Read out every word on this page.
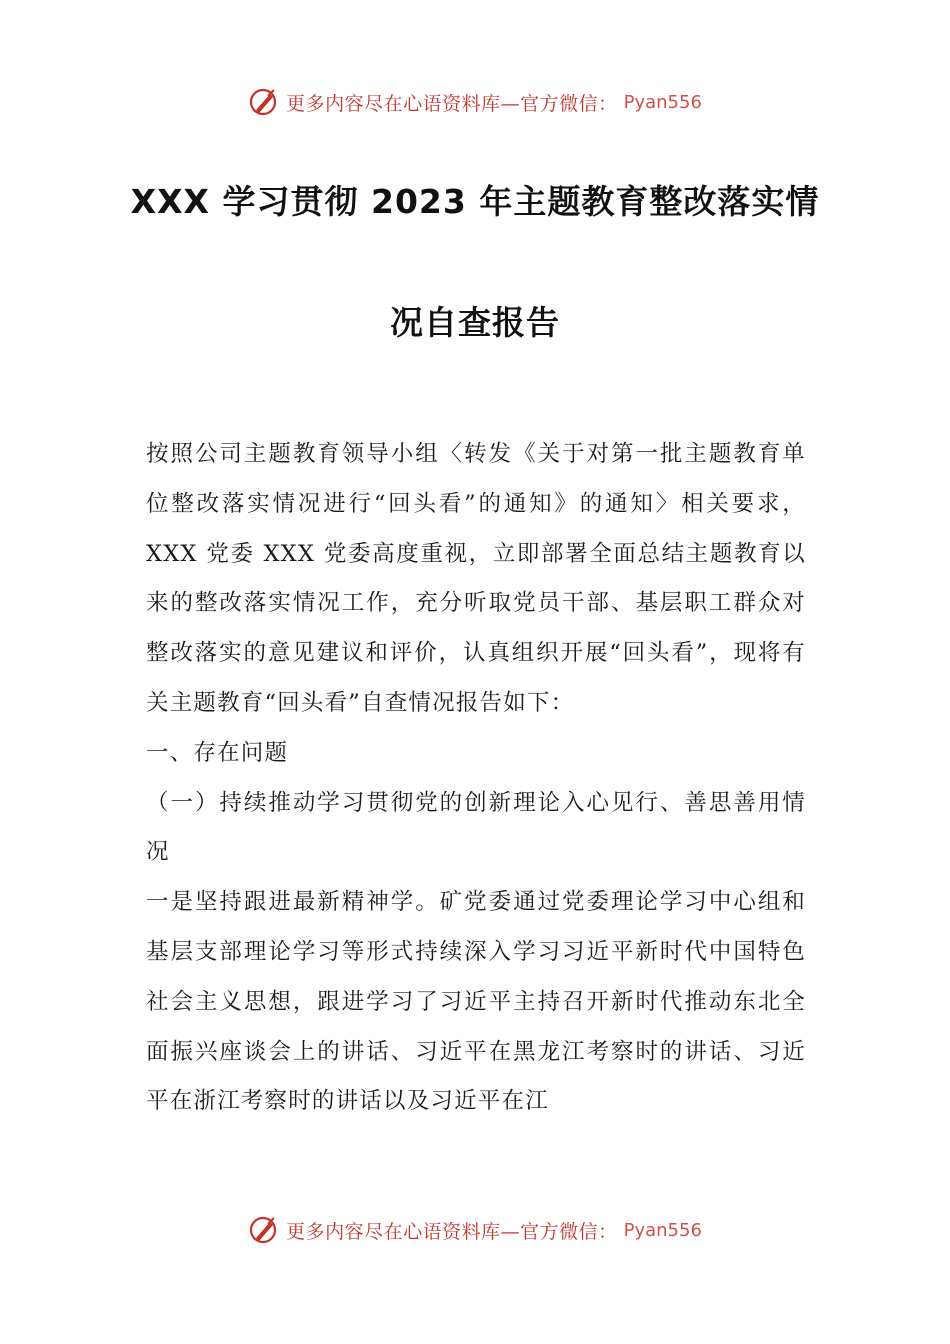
更多内容尽在心语资料库—官方微信： Pyan556
XXX 学习贯彻 2023 年主题教育整改落实情
况自查报告

按照公司主题教育领导小组〈转发《关于对第一批主题教育单位整改落实情况进行“回头看”的通知》的通知〉相关要求，XXX 党委 XXX 党委高度重视，立即部署全面总结主题教育以来的整改落实情况工作，充分听取党员干部、基层职工群众对整改落实的意见建议和评价，认真组织开展“回头看”，现将有关主题教育“回头看”自查情况报告如下：

一、存在问题

（一）持续推动学习贯彻党的创新理论入心见行、善思善用情况

一是坚持跟进最新精神学。矿党委通过党委理论学习中心组和基层支部理论学习等形式持续深入学习习近平新时代中国特色社会主义思想，跟进学习了习近平主持召开新时代推动东北全面振兴座谈会上的讲话、习近平在黑龙江考察时的讲话、习近平在浙江考察时的讲话以及习近平在江

更多内容尽在心语资料库—官方微信： Pyan556
